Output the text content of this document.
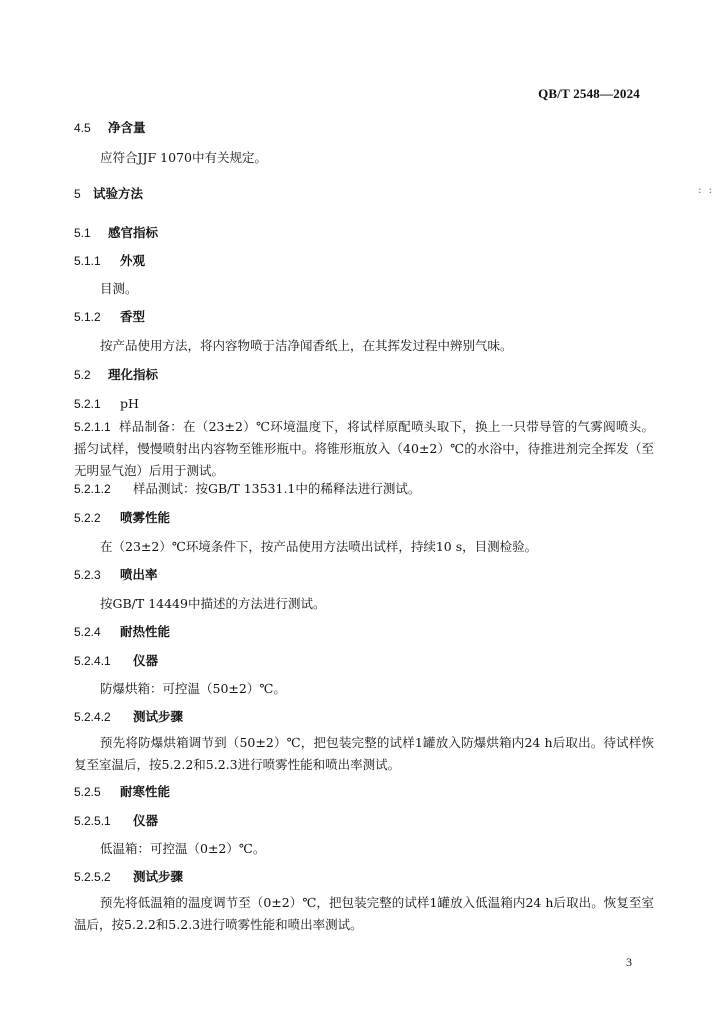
QB/T 2548—2024
: :
4.5 净含量
应符合JJF 1070中有关规定。
5 试验方法
5.1 感官指标
5.1.1 外观
目测。
5.1.2 香型
按产品使用方法，将内容物喷于洁净闻香纸上，在其挥发过程中辨别气味。
5.2 理化指标
5.2.1 pH
5.2.1.1 样品制备：在（23±2）℃环境温度下，将试样原配喷头取下，换上一只带导管的气雾阀喷头。摇匀试样，慢慢喷射出内容物至锥形瓶中。将锥形瓶放入（40±2）℃的水浴中，待推进剂完全挥发（至无明显气泡）后用于测试。
5.2.1.2 样品测试：按GB/T 13531.1中的稀释法进行测试。
5.2.2 喷雾性能
在（23±2）℃环境条件下，按产品使用方法喷出试样，持续10 s，目测检验。
5.2.3 喷出率
按GB/T 14449中描述的方法进行测试。
5.2.4 耐热性能
5.2.4.1 仪器
防爆烘箱：可控温（50±2）℃。
5.2.4.2 测试步骤
预先将防爆烘箱调节到（50±2）℃，把包装完整的试样1罐放入防爆烘箱内24 h后取出。待试样恢复至室温后，按5.2.2和5.2.3进行喷雾性能和喷出率测试。
5.2.5 耐寒性能
5.2.5.1 仪器
低温箱：可控温（0±2）℃。
5.2.5.2 测试步骤
预先将低温箱的温度调节至（0±2）℃，把包装完整的试样1罐放入低温箱内24 h后取出。恢复至室温后，按5.2.2和5.2.3进行喷雾性能和喷出率测试。
3
